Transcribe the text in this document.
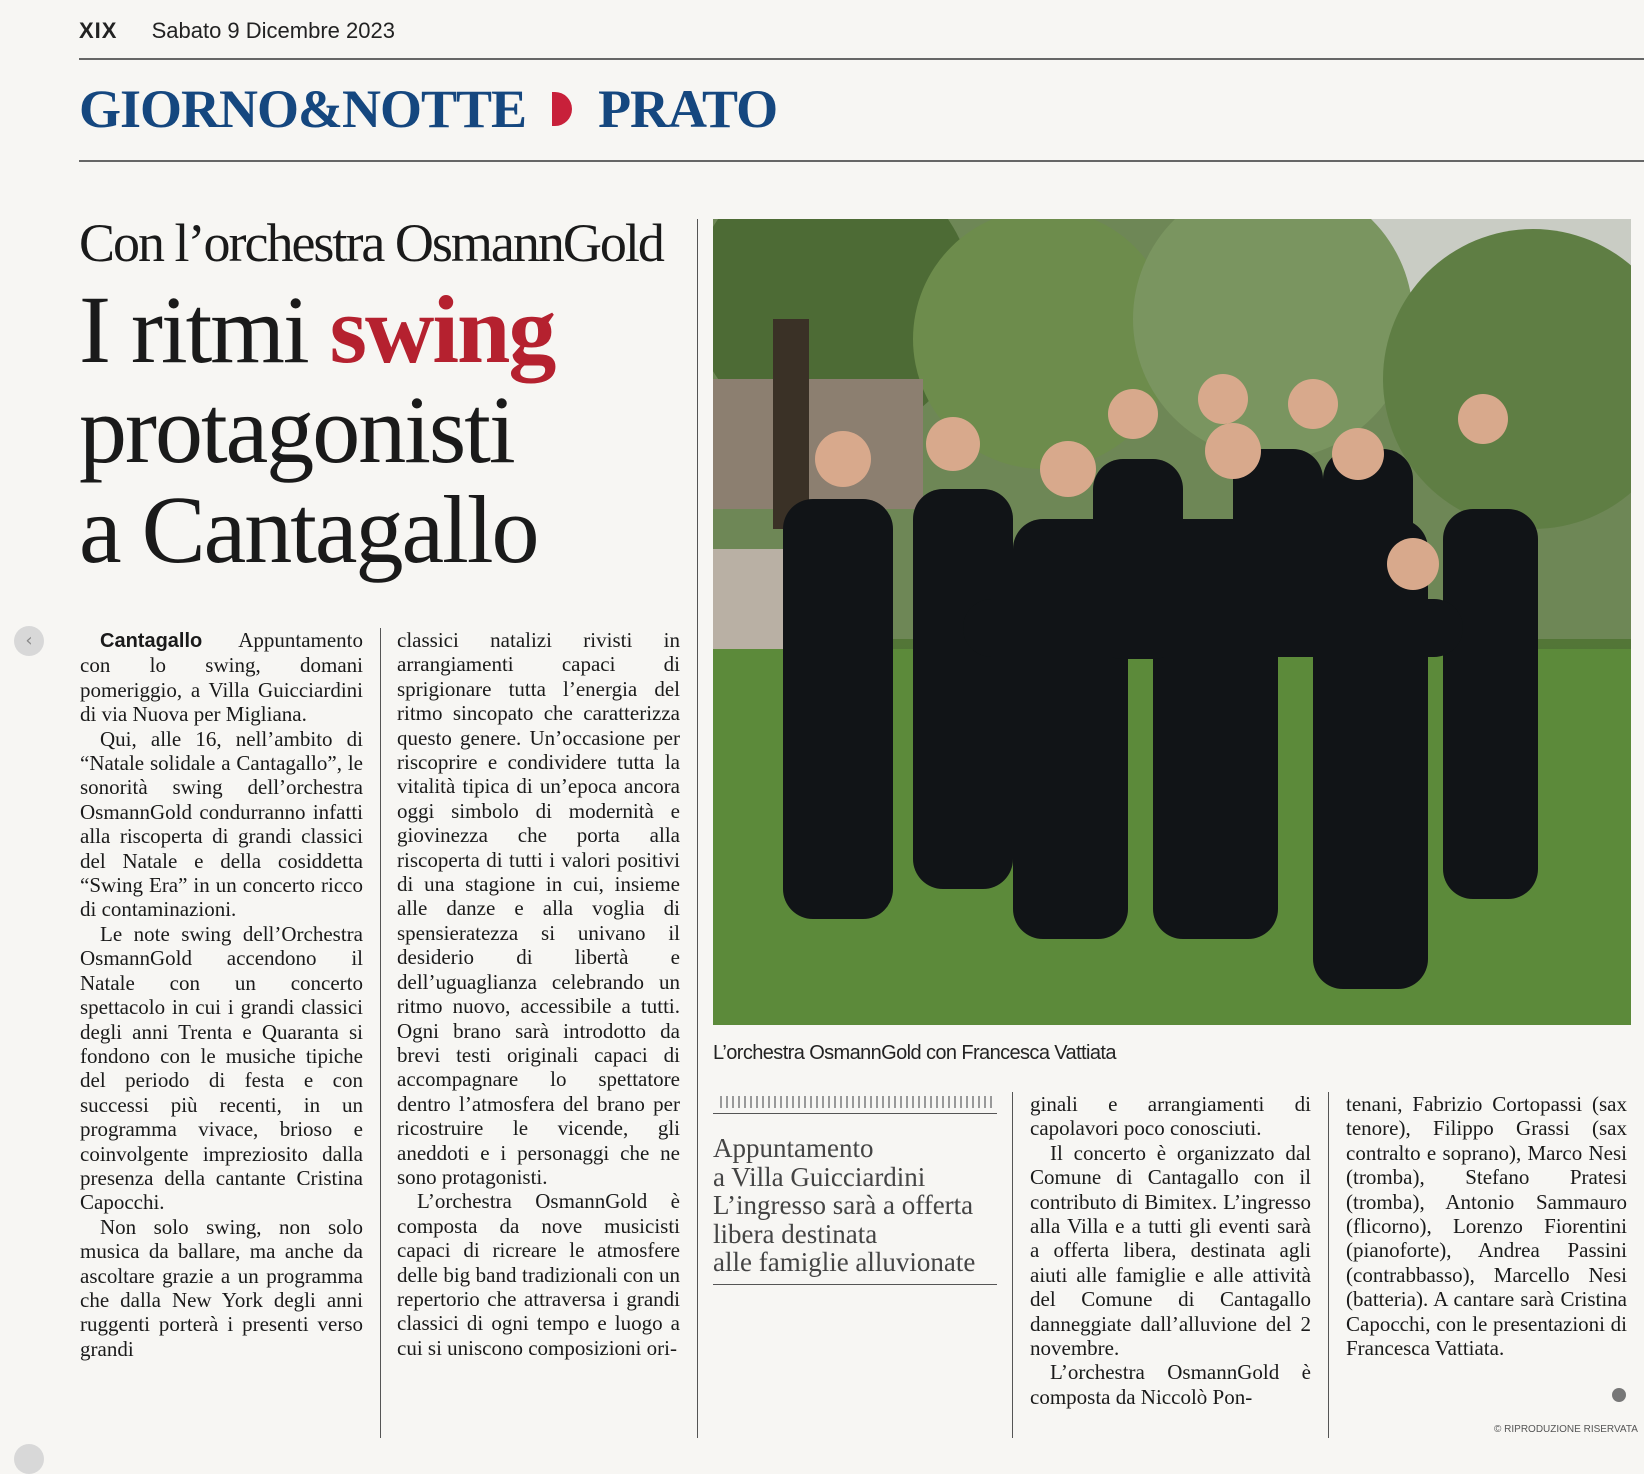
XIX Sabato 9 Dicembre 2023
GIORNO&NOTTE PRATO
Con l’orchestra OsmannGold
I ritmi swing
protagonisti
a Cantagallo

Cantagallo Appuntamento con lo swing, domani pomeriggio, a Villa Guicciardini di via Nuova per Migliana.

Qui, alle 16, nell’ambito di “Natale solidale a Cantagallo”, le sonorità swing dell’orchestra OsmannGold condurranno infatti alla riscoperta di grandi classici del Natale e della cosiddetta “Swing Era” in un concerto ricco di contaminazioni.

Le note swing dell’Orchestra OsmannGold accendono il Natale con un concerto spettacolo in cui i grandi classici degli anni Trenta e Quaranta si fondono con le musiche tipiche del periodo di festa e con successi più recenti, in un programma vivace, brioso e coinvolgente impreziosito dalla presenza della cantante Cristina Capocchi.

Non solo swing, non solo musica da ballare, ma anche da ascoltare grazie a un programma che dalla New York degli anni ruggenti porterà i presenti verso grandi

classici natalizi rivisti in arrangiamenti capaci di sprigionare tutta l’energia del ritmo sincopato che caratterizza questo genere. Un’occasione per riscoprire e condividere tutta la vitalità tipica di un’epoca ancora oggi simbolo di modernità e giovinezza che porta alla riscoperta di tutti i valori positivi di una stagione in cui, insieme alle danze e alla voglia di spensieratezza si univano il desiderio di libertà e dell’uguaglianza celebrando un ritmo nuovo, accessibile a tutti. Ogni brano sarà introdotto da brevi testi originali capaci di accompagnare lo spettatore dentro l’atmosfera del brano per ricostruire le vicende, gli aneddoti e i personaggi che ne sono protagonisti.

L’orchestra OsmannGold è composta da nove musicisti capaci di ricreare le atmosfere delle big band tradizionali con un repertorio che attraversa i grandi classici di ogni tempo e luogo a cui si uniscono composizioni ori-

L’orchestra OsmannGold con Francesca Vattiata
Appuntamento
a Villa Guicciardini
L’ingresso sarà a offerta
libera destinata
alle famiglie alluvionate

ginali e arrangiamenti di capolavori poco conosciuti.

Il concerto è organizzato dal Comune di Cantagallo con il contributo di Bimitex. L’ingresso alla Villa e a tutti gli eventi sarà a offerta libera, destinata agli aiuti alle famiglie e alle attività del Comune di Cantagallo danneggiate dall’alluvione del 2 novembre.

L’orchestra OsmannGold è composta da Niccolò Pon-

tenani, Fabrizio Cortopassi (sax tenore), Filippo Grassi (sax contralto e soprano), Marco Nesi (tromba), Stefano Pratesi (tromba), Antonio Sammauro (flicorno), Lorenzo Fiorentini (pianoforte), Andrea Passini (contrabbasso), Marcello Nesi (batteria). A cantare sarà Cristina Capocchi, con le presentazioni di Francesca Vattiata.

© RIPRODUZIONE RISERVATA
‹
